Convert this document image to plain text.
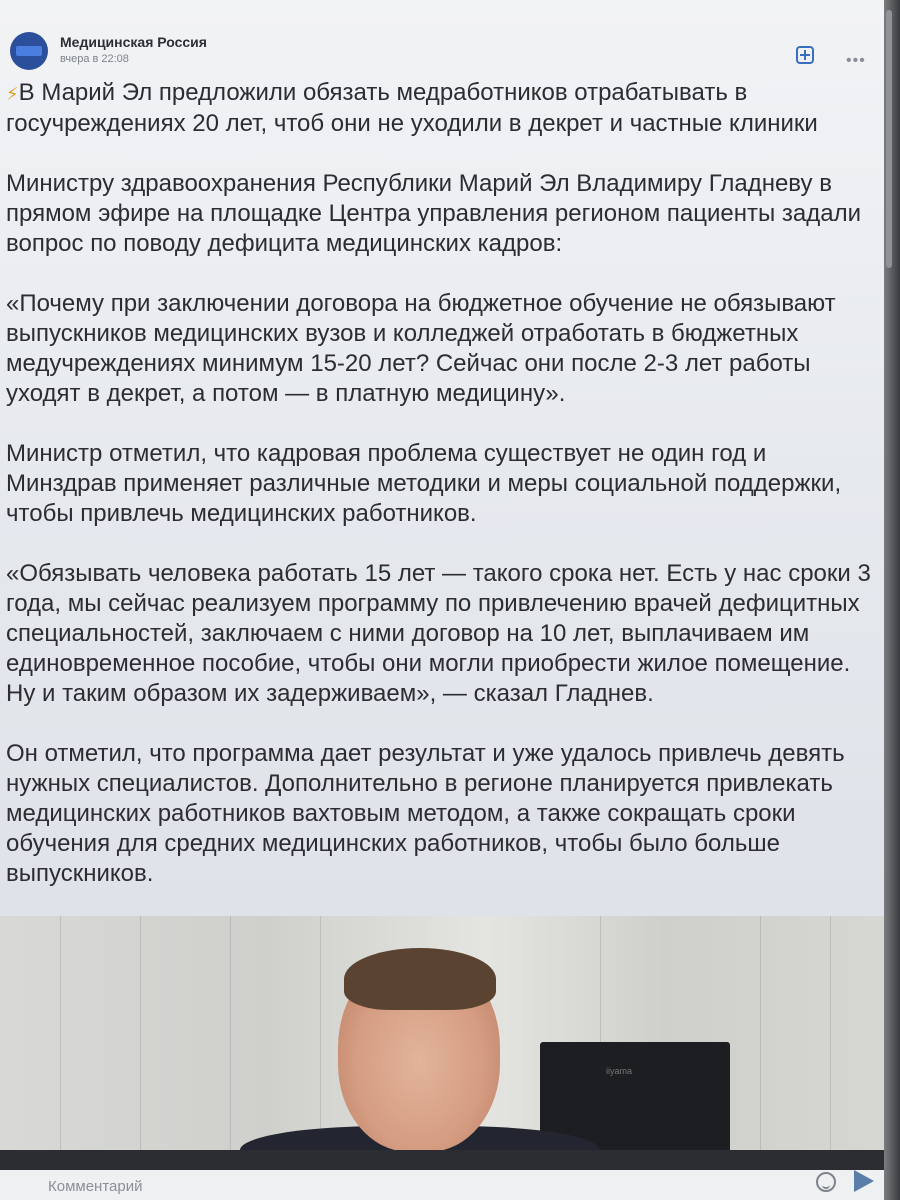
Медицинская Россия
вчера в 22:08	•••

⚡В Марий Эл предложили обязать медработников отрабатывать в госучреждениях 20 лет, чтоб они не уходили в декрет и частные клиники

Министру здравоохранения Республики Марий Эл Владимиру Гладневу в прямом эфире на площадке Центра управления регионом пациенты задали вопрос по поводу дефицита медицинских кадров:

«Почему при заключении договора на бюджетное обучение не обязывают выпускников медицинских вузов и колледжей отработать в бюджетных медучреждениях минимум 15-20 лет? Сейчас они после 2-3 лет работы уходят в декрет, а потом — в платную медицину».

Министр отметил, что кадровая проблема существует не один год и Минздрав применяет различные методики и меры социальной поддержки, чтобы привлечь медицинских работников.

«Обязывать человека работать 15 лет — такого срока нет. Есть у нас сроки 3 года, мы сейчас реализуем программу по привлечению врачей дефицитных специальностей, заключаем с ними договор на 10 лет, выплачиваем им единовременное пособие, чтобы они могли приобрести жилое помещение. Ну и таким образом их задерживаем», — сказал Гладнев.

Он отметил, что программа дает результат и уже удалось привлечь девять нужных специалистов. Дополнительно в регионе планируется привлекать медицинских работников вахтовым методом, а также сокращать сроки обучения для средних медицинских работников, чтобы было больше выпускников.

iiyama
Комментарий
